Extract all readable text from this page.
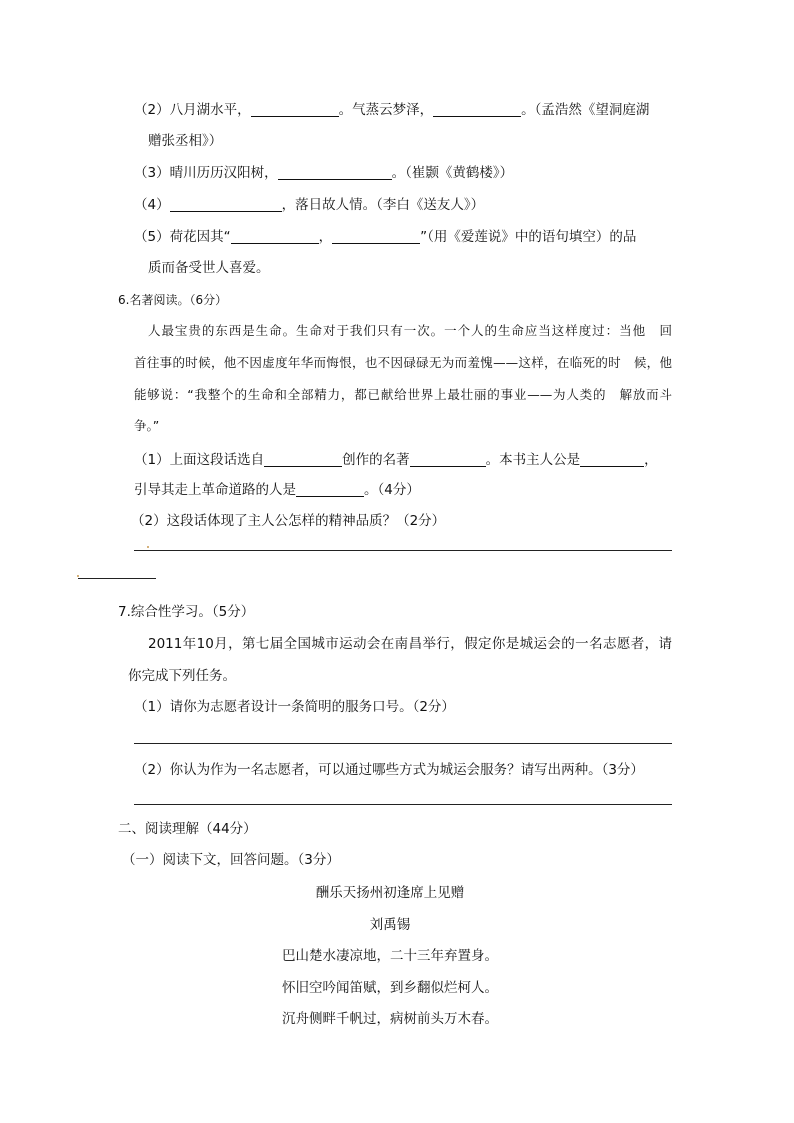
（2）八月湖水平，	。气蒸云梦泽，	。（孟浩然《望洞庭湖
赠张丞相》）
（3）晴川历历汉阳树，	。（崔颢《黄鹤楼》）
（4）	，落日故人情。（李白《送友人》）
（5）荷花因其“	，	”（用《爱莲说》中的语句填空）的品
质而备受世人喜爱。
6.名著阅读。（6分）
人最宝贵的东西是生命。生命对于我们只有一次。一个人的生命应当这样度过：当他　回
首往事的时候，他不因虚度年华而悔恨，也不因碌碌无为而羞愧——这样，在临死的时　候，他
能够说：“我整个的生命和全部精力，都已献给世界上最壮丽的事业——为人类的　解放而斗
争。”
（1）上面这段话选自	创作的名著	。本书主人公是	，
引导其走上革命道路的人是	。（4分）
（2）这段话体现了主人公怎样的精神品质？（2分）
7.综合性学习。（5分）
2011年10月，第七届全国城市运动会在南昌举行，假定你是城运会的一名志愿者，请
你完成下列任务。
（1）请你为志愿者设计一条简明的服务口号。（2分）
（2）你认为作为一名志愿者，可以通过哪些方式为城运会服务？请写出两种。（3分）
二、阅读理解（44分）
（一）阅读下文，回答问题。（3分）
酬乐天扬州初逢席上见赠
刘禹锡
巴山楚水凄凉地，二十三年弃置身。
怀旧空吟闻笛赋，到乡翻似烂柯人。
沉舟侧畔千帆过，病树前头万木春。
